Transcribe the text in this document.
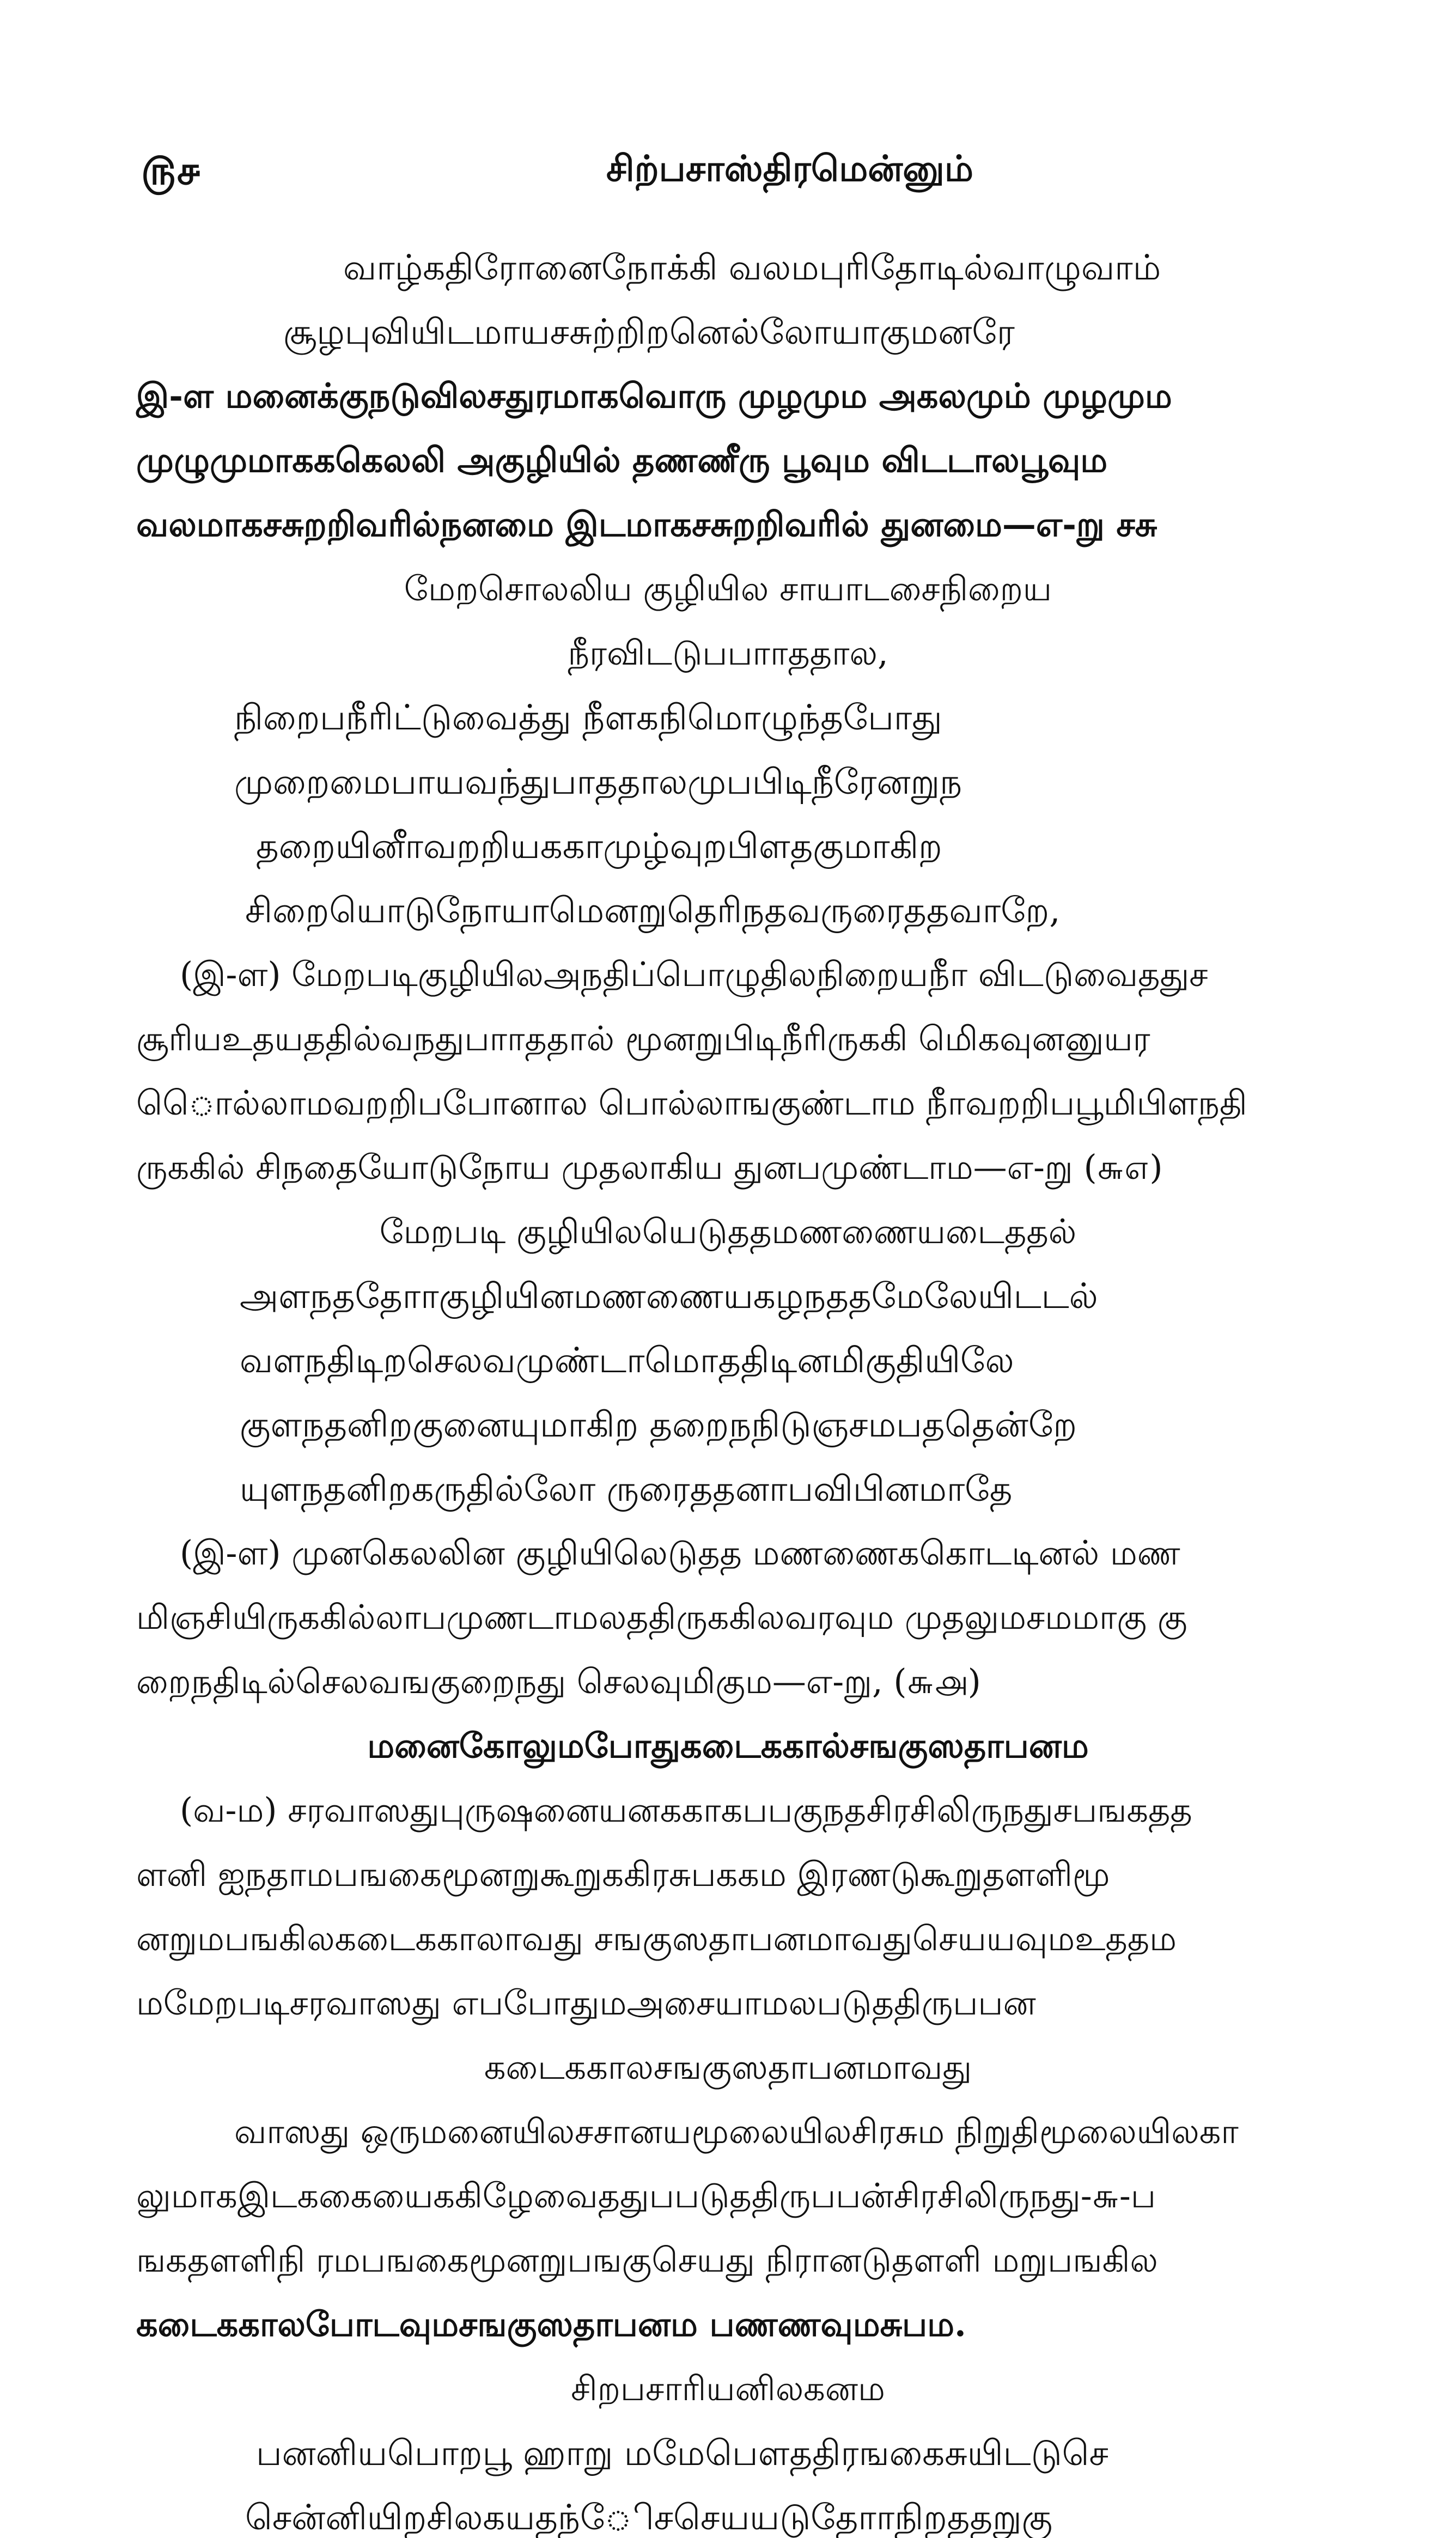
௫௪	சிற்பசாஸ்திரமென்னும்
வாழ்கதிரோனைநோக்கி வலமபுரிதோடில்வாழுவாம்
சூழபுவியிடமாயசசுற்றிறனெல்லோயாகுமனரே
இ-ள மனைக்குநடுவிலசதுரமாகவொரு முழமும அகலமும் முழமும
முழுமுமாகககெலலி அகுழியில் தணணீரு பூவும விடடாலபூவும
வலமாகசசுறறிவரில்நனமை இடமாகசசுறறிவரில் துனமை—எ-று சசு
மேறசொலலிய குழியில சாயாடசைநிறைய
நீரவிடடுபபாாததால,
நிறைபநீரிட்டுவைத்து நீளகநிமொழுந்தபோது
முறைமைபாயவந்துபாததாலமுபபிடிநீரேனறுந
தறையினீாவறறியககாமுழ்வுறபிளதகுமாகிற
சிறையொடுநோயாமெனறுதெரிநதவருரைததவாறே,
(இ-ள) மேறபடிகுழியிலஅநதிப்பொழுதிலநிறையநீா விடடுவைததுச
சூரியஉதயததில்வநதுபாாததால் மூனறுபிடிநீரிருககி மெிகவுனனுயர
ெொல்லாமவறறிபபோனால பொல்லாஙகுண்டாம நீாவறறிபபூமிபிளநதி
ருககில் சிநதையோடுநோய முதலாகிய துனபமுண்டாம—எ-று (௬௭)
மேறபடி குழியிலயெடுததமணணையடைததல்
அளநததோாகுழியினமணணையகழநததமேலேயிடடல்
வளநதிடிறசெலவமுண்டாமொததிடினமிகுதியிலே
குளநதனிறகுனையுமாகிற தறைநநிடுஞசமபததென்றே
யுளநதனிறகருதில்லோ ருரைததனாபவிபினமாதே
(இ-ள) முனகெலலின குழியிலெடுதத மணணைககொடடினல் மண
மிஞசியிருககில்லாபமுணடாமலததிருககிலவரவும முதலுமசமமாகு கு
றைநதிடில்செலவஙகுறைநது செலவுமிகும—எ-று, (௬௮)
மனைகோலுமபோதுகடைககால்சஙகுஸதாபனம
(வ-ம) சரவாஸதுபுருஷனையனககாகபபகுநதசிரசிலிருநதுசபஙகதத
ளனி ஐநதாமபஙகைமூனறுகூறுககிரசுபககம இரணடுகூறுதளளிமூ
னறுமபஙகிலகடைககாலாவது சஙகுஸதாபனமாவதுசெயயவுமஉததம
மமேறபடிசரவாஸது எபபோதுமஅசையாமலபடுததிருபபன
கடைககாலசஙகுஸதாபனமாவது
வாஸது ஒருமனையிலசசானயமூலையிலசிரசும நிறுதிமூலையிலகா
லுமாகஇடககையைககிழேவைததுபபடுததிருபபன்சிரசிலிருநது-௬-ப
ஙகதளளிநி ரமபஙகைமூனறுபஙகுசெயது நிரானடுதளளி மறுபஙகில
கடைககாலபோடவுமசஙகுஸதாபனம பணணவுமசுபம.
சிறபசாரியனிலகனம
பனனியபொறபூ ஹாறு மமேபௌததிரஙகைசுயிடடுசெ
சென்னியிறசிலகயதந்ேிசசெயயடுதோாநிறததறுகு
